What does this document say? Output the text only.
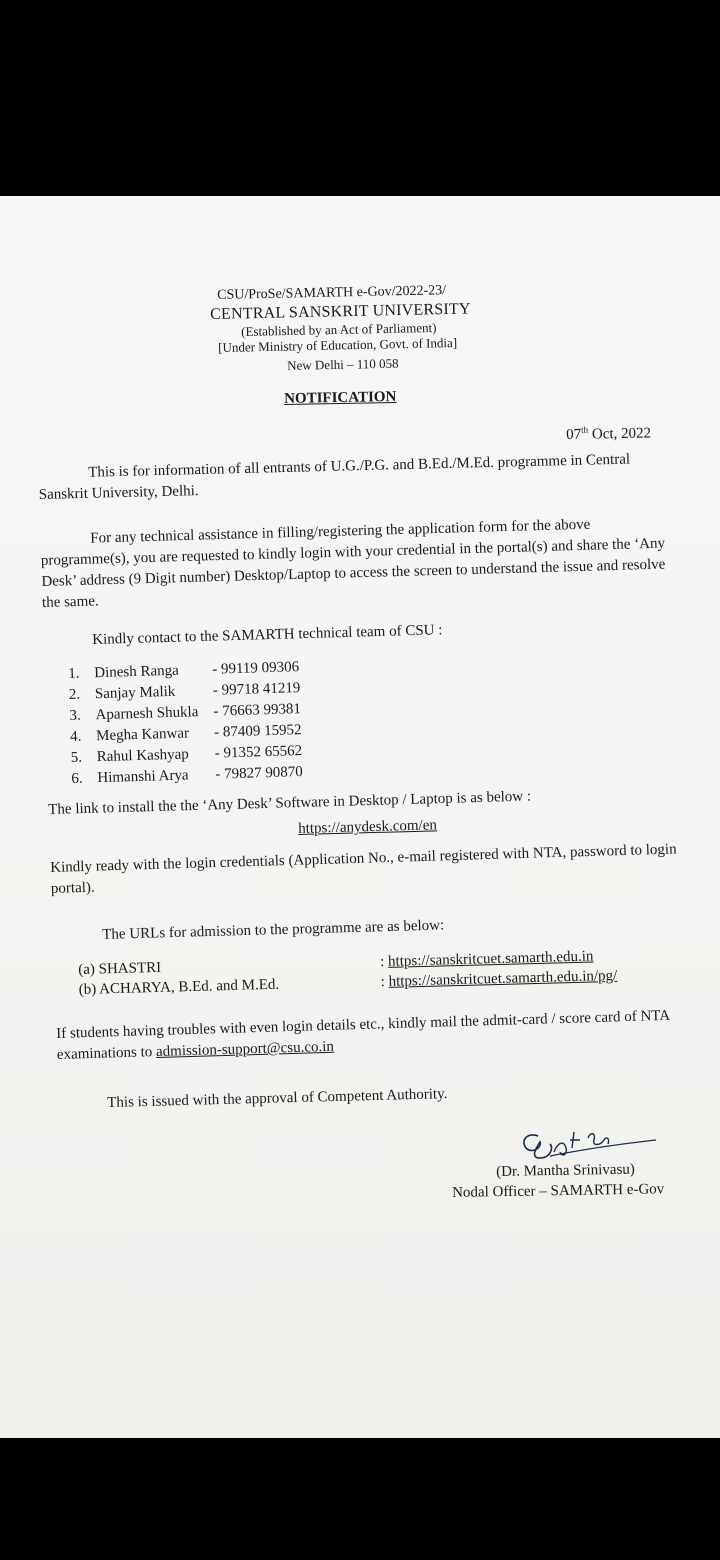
CSU/ProSe/SAMARTH e-Gov/2022-23/
CENTRAL SANSKRIT UNIVERSITY
(Established by an Act of Parliament)
[Under Ministry of Education, Govt. of India]
New Delhi – 110 058
NOTIFICATION
07th Oct, 2022
This is for information of all entrants of U.G./P.G. and B.Ed./M.Ed. programme in Central Sanskrit University, Delhi.
For any technical assistance in filling/registering the application form for the above programme(s), you are requested to kindly login with your credential in the portal(s) and share the ‘Any Desk’ address (9 Digit number) Desktop/Laptop to access the screen to understand the issue and resolve the same.
Kindly contact to the SAMARTH technical team of CSU :
1. Dinesh Ranga	- 99119 09306
2. Sanjay Malik	- 99718 41219
3. Aparnesh Shukla - 76663 99381
4. Megha Kanwar	- 87409 15952
5. Rahul Kashyap	- 91352 65562
6. Himanshi Arya	- 79827 90870
The link to install the the ‘Any Desk’ Software in Desktop / Laptop is as below :
https://anydesk.com/en
Kindly ready with the login credentials (Application No., e-mail registered with NTA, password to login portal).
The URLs for admission to the programme are as below:
(a) SHASTRI	: https://sanskritcuet.samarth.edu.in
(b) ACHARYA, B.Ed. and M.Ed.	: https://sanskritcuet.samarth.edu.in/pg/
If students having troubles with even login details etc., kindly mail the admit-card / score card of NTA examinations to admission-support@csu.co.in
This is issued with the approval of Competent Authority.
(Dr. Mantha Srinivasu)
Nodal Officer – SAMARTH e-Gov
